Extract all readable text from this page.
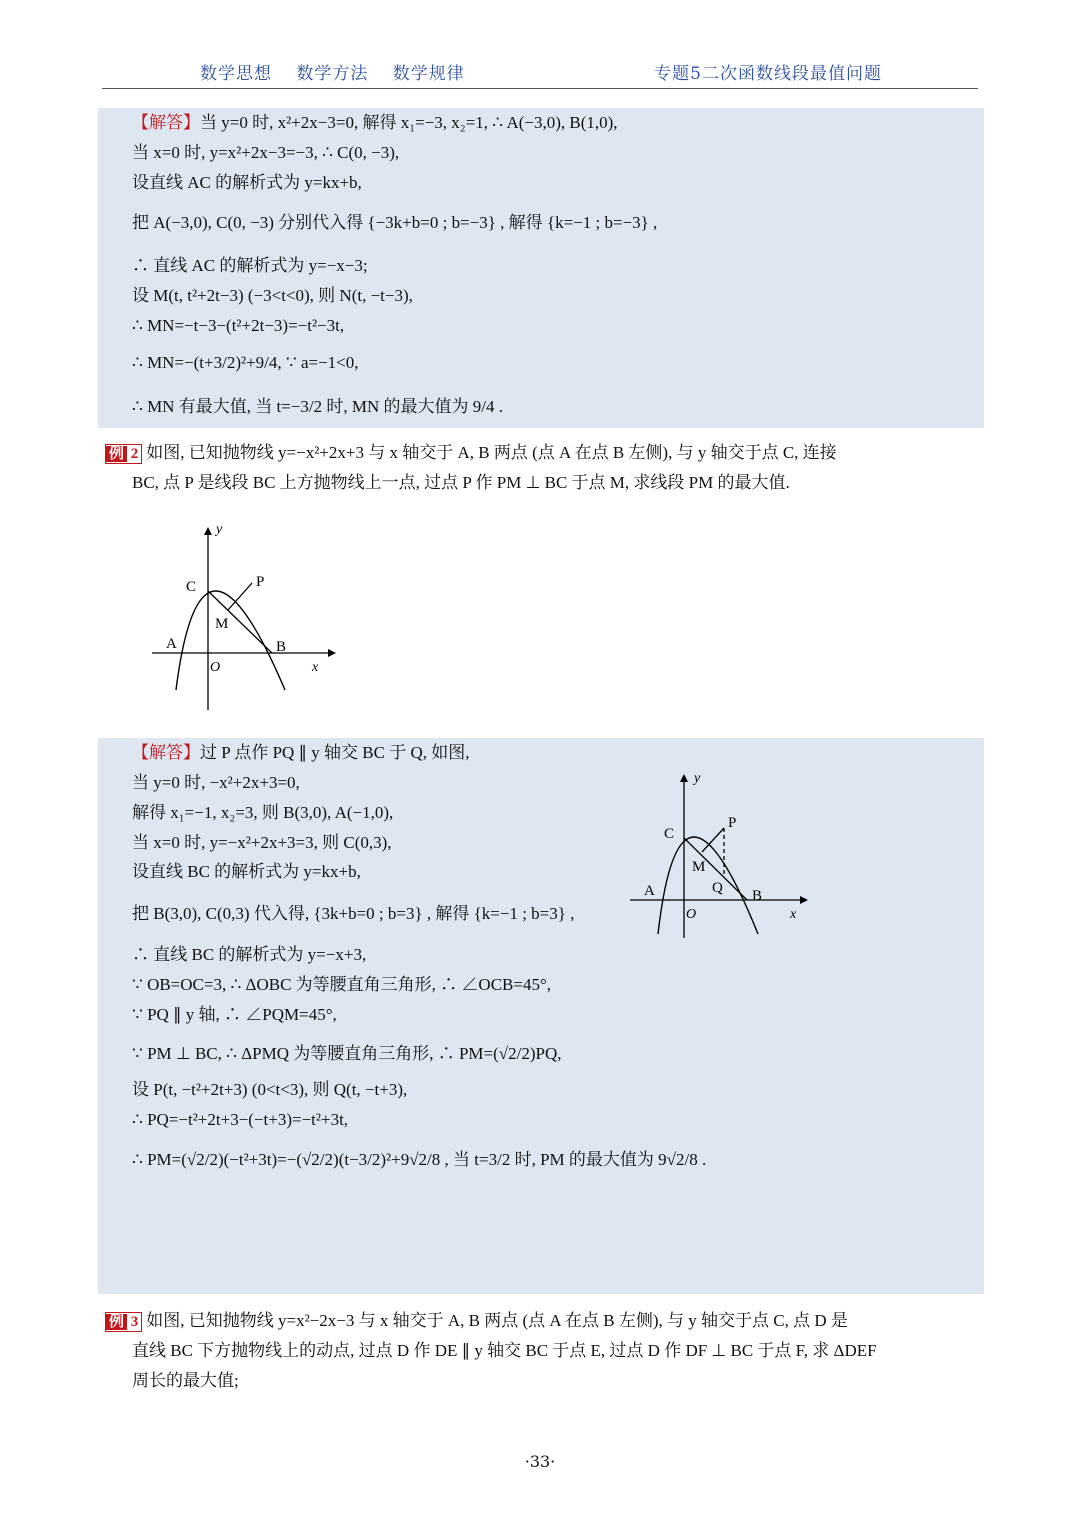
数学思想　 数学方法　 数学规律	专题5二次函数线段最值问题
【解答】当 y=0 时, x²+2x−3=0, 解得 x₁=−3, x₂=1, ∴ A(−3,0), B(1,0),
当 x=0 时, y=x²+2x−3=−3, ∴ C(0, −3),
设直线 AC 的解析式为 y=kx+b,
把 A(−3,0), C(0, −3) 分别代入得 {−3k+b=0 ; b=−3} , 解得 {k=−1 ; b=−3} ,
∴ 直线 AC 的解析式为 y=−x−3;
设 M(t, t²+2t−3) (−3<t<0), 则 N(t, −t−3),
∴ MN=−t−3−(t²+2t−3)=−t²−3t,
∴ MN=−(t+3/2)²+9/4, ∵ a=−1<0,
∴ MN 有最大值, 当 t=−3/2 时, MN 的最大值为 9/4 .
例 2 如图, 已知抛物线 y=−x²+2x+3 与 x 轴交于 A, B 两点 (点 A 在点 B 左侧), 与 y 轴交于点 C, 连接
BC, 点 P 是线段 BC 上方抛物线上一点, 过点 P 作 PM ⊥ BC 于点 M, 求线段 PM 的最大值.
y
x
O
A	B
C	P
M
【解答】过 P 点作 PQ ∥ y 轴交 BC 于 Q, 如图,
当 y=0 时, −x²+2x+3=0,
解得 x₁=−1, x₂=3, 则 B(3,0), A(−1,0),
当 x=0 时, y=−x²+2x+3=3, 则 C(0,3),
设直线 BC 的解析式为 y=kx+b,
把 B(3,0), C(0,3) 代入得, {3k+b=0 ; b=3} , 解得 {k=−1 ; b=3} ,
∴ 直线 BC 的解析式为 y=−x+3,
∵ OB=OC=3, ∴ ΔOBC 为等腰直角三角形, ∴ ∠OCB=45°,
∵ PQ ∥ y 轴, ∴ ∠PQM=45°,
∵ PM ⊥ BC, ∴ ΔPMQ 为等腰直角三角形, ∴ PM=(√2/2)PQ,
设 P(t, −t²+2t+3) (0<t<3), 则 Q(t, −t+3),
∴ PQ=−t²+2t+3−(−t+3)=−t²+3t,
∴ PM=(√2/2)(−t²+3t)=−(√2/2)(t−3/2)²+9√2/8 , 当 t=3/2 时, PM 的最大值为 9√2/8 .
y
x
O
A	B
C
P
M
Q
例 3 如图, 已知抛物线 y=x²−2x−3 与 x 轴交于 A, B 两点 (点 A 在点 B 左侧), 与 y 轴交于点 C, 点 D 是
直线 BC 下方抛物线上的动点, 过点 D 作 DE ∥ y 轴交 BC 于点 E, 过点 D 作 DF ⊥ BC 于点 F, 求 ΔDEF
周长的最大值;
·33·
